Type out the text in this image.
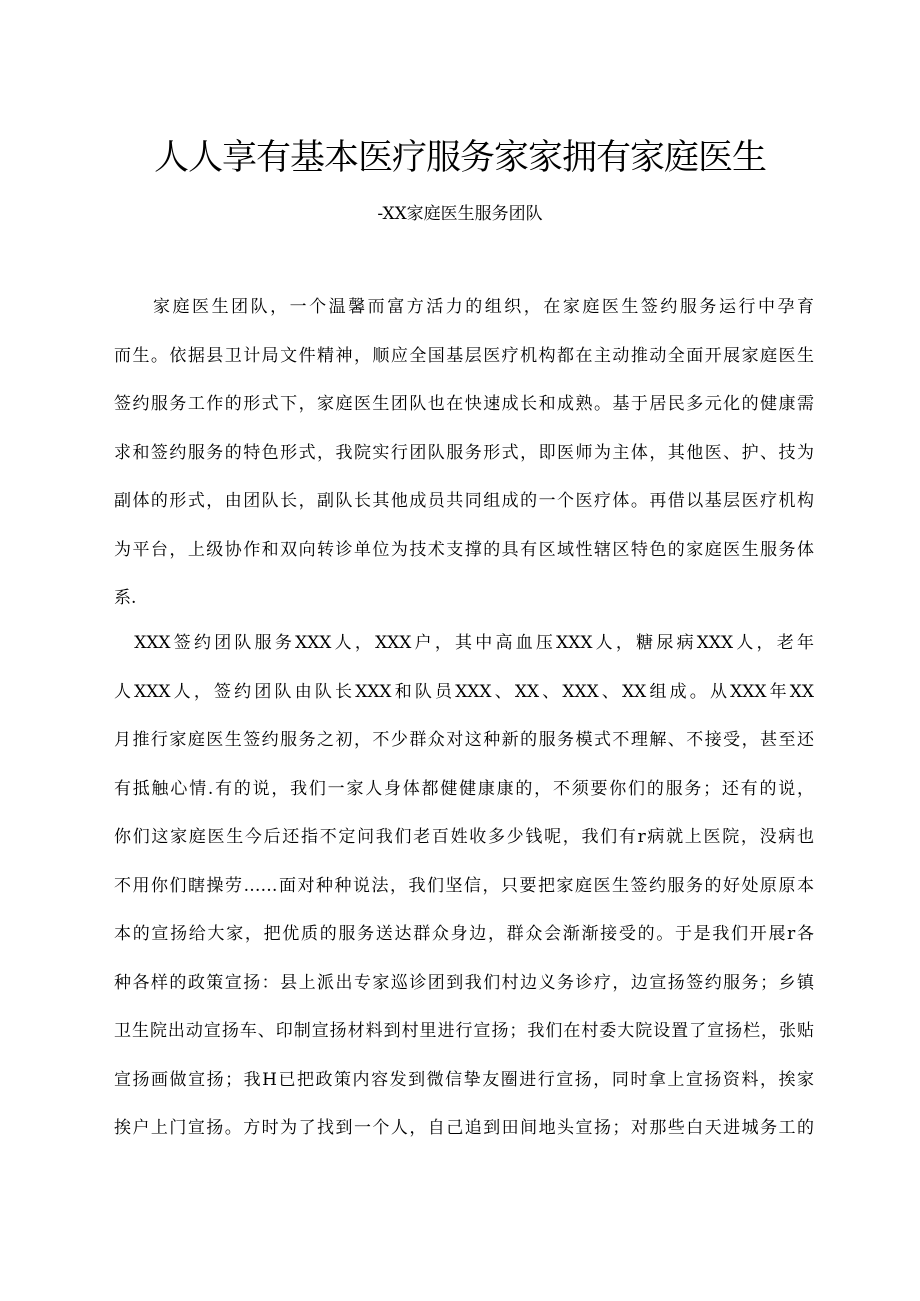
人人享有基本医疗服务家家拥有家庭医生
-XX家庭医生服务团队
　　家庭医生团队，一个温馨而富方活力的组织，在家庭医生签约服务运行中孕育
而生。依据县卫计局文件精神，顺应全国基层医疗机构都在主动推动全面开展家庭医生
签约服务工作的形式下，家庭医生团队也在快速成长和成熟。基于居民多元化的健康需
求和签约服务的特色形式，我院实行团队服务形式，即医师为主体，其他医、护、技为
副体的形式，由团队长，副队长其他成员共同组成的一个医疗体。再借以基层医疗机构
为平台，上级协作和双向转诊单位为技术支撑的具有区域性辖区特色的家庭医生服务体
系.
　XXX签约团队服务XXX人，XXX户，其中高血压XXX人，糖尿病XXX人，老年
人XXX人，签约团队由队长XXX和队员XXX、XX、XXX、XX组成。从XXX年XX
月推行家庭医生签约服务之初，不少群众对这种新的服务模式不理解、不接受，甚至还
有抵触心情.有的说，我们一家人身体都健健康康的，不须要你们的服务；还有的说，
你们这家庭医生今后还指不定问我们老百姓收多少钱呢，我们有r病就上医院，没病也
不用你们瞎操劳……面对种种说法，我们坚信，只要把家庭医生签约服务的好处原原本
本的宣扬给大家，把优质的服务送达群众身边，群众会渐渐接受的。于是我们开展r各
种各样的政策宣扬：县上派出专家巡诊团到我们村边义务诊疗，边宣扬签约服务；乡镇
卫生院出动宣扬车、印制宣扬材料到村里进行宣扬；我们在村委大院设置了宣扬栏，张贴
宣扬画做宣扬；我H已把政策内容发到微信挚友圈进行宣扬，同时拿上宣扬资料，挨家
挨户上门宣扬。方时为了找到一个人，自己追到田间地头宣扬；对那些白天进城务工的
